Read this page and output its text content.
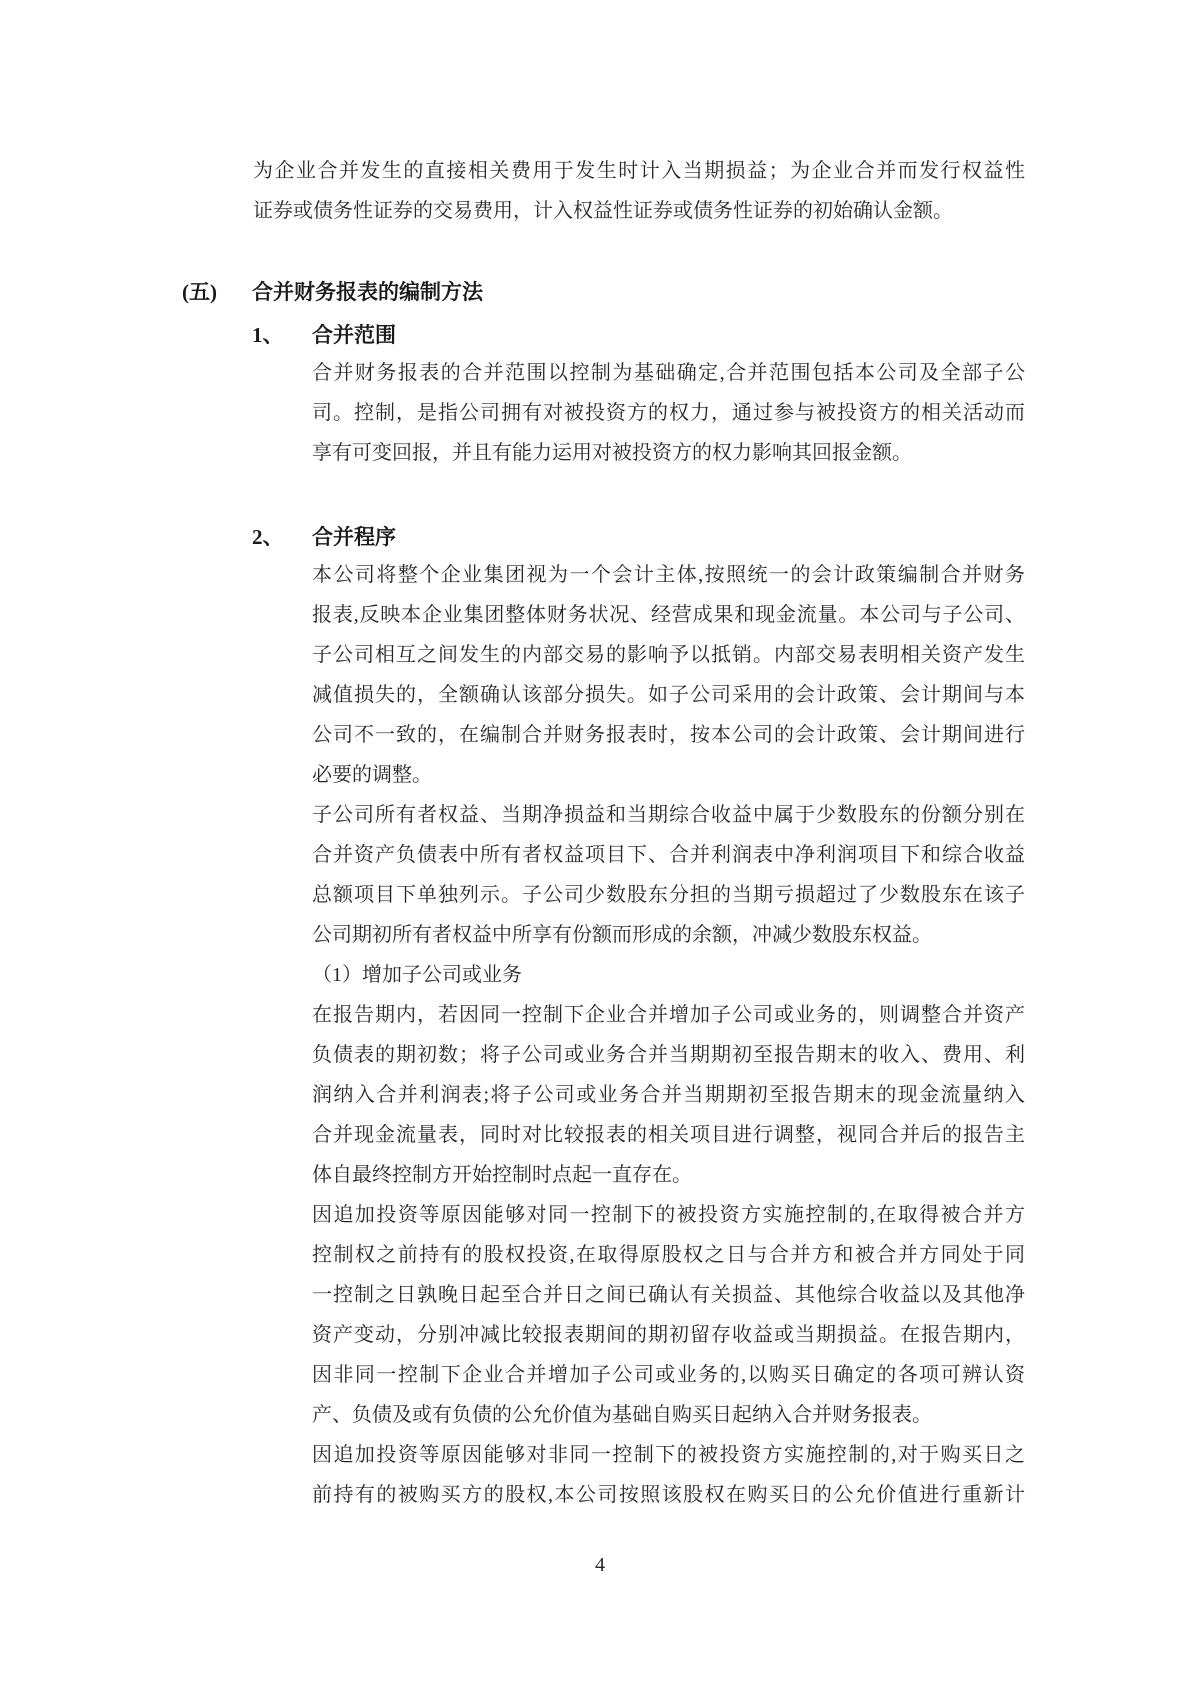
为企业合并发生的直接相关费用于发生时计入当期损益；为企业合并而发行权益性
证券或债务性证券的交易费用，计入权益性证券或债务性证券的初始确认金额。
(五)	合并财务报表的编制方法
1、	合并范围
合并财务报表的合并范围以控制为基础确定,合并范围包括本公司及全部子公
司。控制，是指公司拥有对被投资方的权力，通过参与被投资方的相关活动而
享有可变回报，并且有能力运用对被投资方的权力影响其回报金额。
2、	合并程序
本公司将整个企业集团视为一个会计主体,按照统一的会计政策编制合并财务
报表,反映本企业集团整体财务状况、经营成果和现金流量。本公司与子公司、
子公司相互之间发生的内部交易的影响予以抵销。内部交易表明相关资产发生
减值损失的，全额确认该部分损失。如子公司采用的会计政策、会计期间与本
公司不一致的，在编制合并财务报表时，按本公司的会计政策、会计期间进行
必要的调整。
子公司所有者权益、当期净损益和当期综合收益中属于少数股东的份额分别在
合并资产负债表中所有者权益项目下、合并利润表中净利润项目下和综合收益
总额项目下单独列示。子公司少数股东分担的当期亏损超过了少数股东在该子
公司期初所有者权益中所享有份额而形成的余额，冲减少数股东权益。
（1）增加子公司或业务
在报告期内，若因同一控制下企业合并增加子公司或业务的，则调整合并资产
负债表的期初数；将子公司或业务合并当期期初至报告期末的收入、费用、利
润纳入合并利润表;将子公司或业务合并当期期初至报告期末的现金流量纳入
合并现金流量表，同时对比较报表的相关项目进行调整，视同合并后的报告主
体自最终控制方开始控制时点起一直存在。
因追加投资等原因能够对同一控制下的被投资方实施控制的,在取得被合并方
控制权之前持有的股权投资,在取得原股权之日与合并方和被合并方同处于同
一控制之日孰晚日起至合并日之间已确认有关损益、其他综合收益以及其他净
资产变动，分别冲减比较报表期间的期初留存收益或当期损益。在报告期内，
因非同一控制下企业合并增加子公司或业务的,以购买日确定的各项可辨认资
产、负债及或有负债的公允价值为基础自购买日起纳入合并财务报表。
因追加投资等原因能够对非同一控制下的被投资方实施控制的,对于购买日之
前持有的被购买方的股权,本公司按照该股权在购买日的公允价值进行重新计
4
